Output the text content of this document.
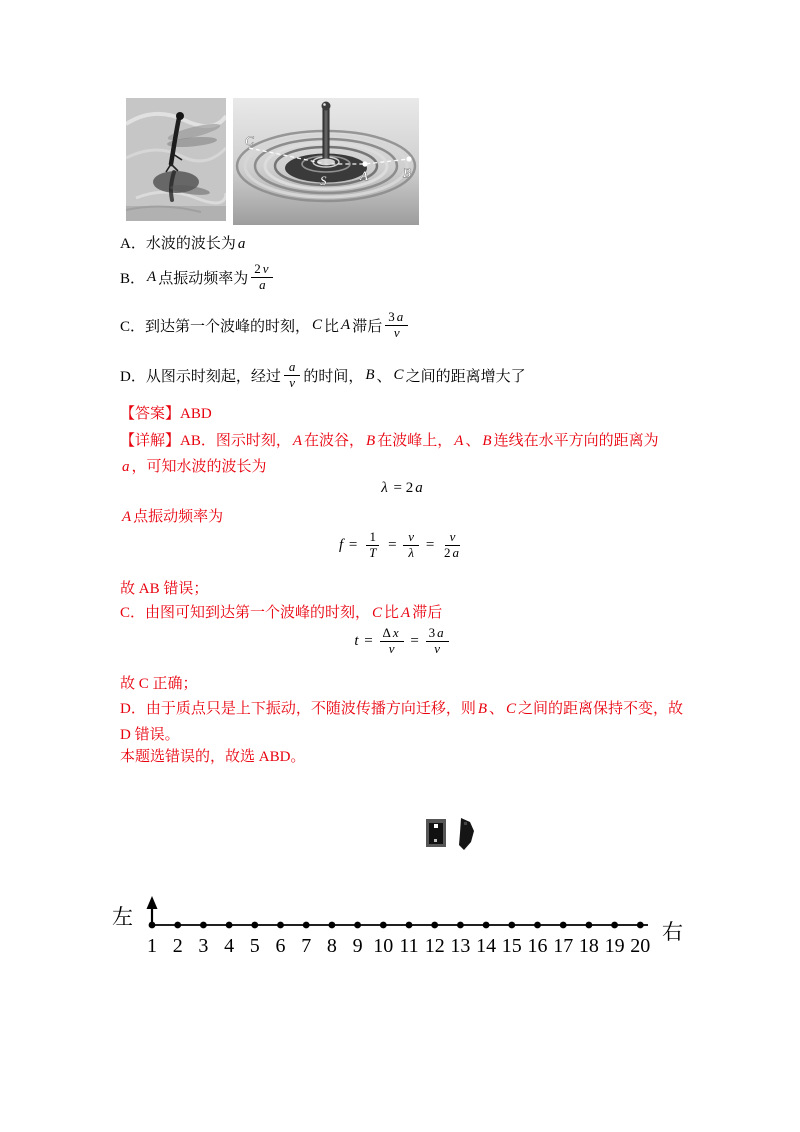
C
S	A	B
A．水波的波长为 a
B． A 点振动频率为 $\frac{2 v}{a}$
C．到达第一个波峰的时刻， C 比 A 滞后 $\frac{3 a}{v}$
D．从图示时刻起，经过 $\frac{a}{v}$ 的时间， B 、 C 之间的距离增大了
【答案】ABD
【详解】AB．图示时刻， A 在波谷， B 在波峰上， A 、 B 连线在水平方向的距离为a ，可知水波的波长为
λ = 2 a
A 点振动频率为
$f = \frac{1}{T} = \frac{v}{\lambda} = \frac{v}{2 a}$
故 AB 错误；
C．由图可知到达第一个波峰的时刻， C 比 A 滞后
$t = \frac{\text{Δ x}}{v} = \frac{3 a}{v}$
故 C 正确；
D．由于质点只是上下振动，不随波传播方向迁移，则 B 、 C 之间的距离保持不变，故 D 错误。
本题选错误的，故选 ABD。
左
右
1 2 3 4 5 6 7 8 9 10 11 12 13 14 15 16 17 18 19 20
